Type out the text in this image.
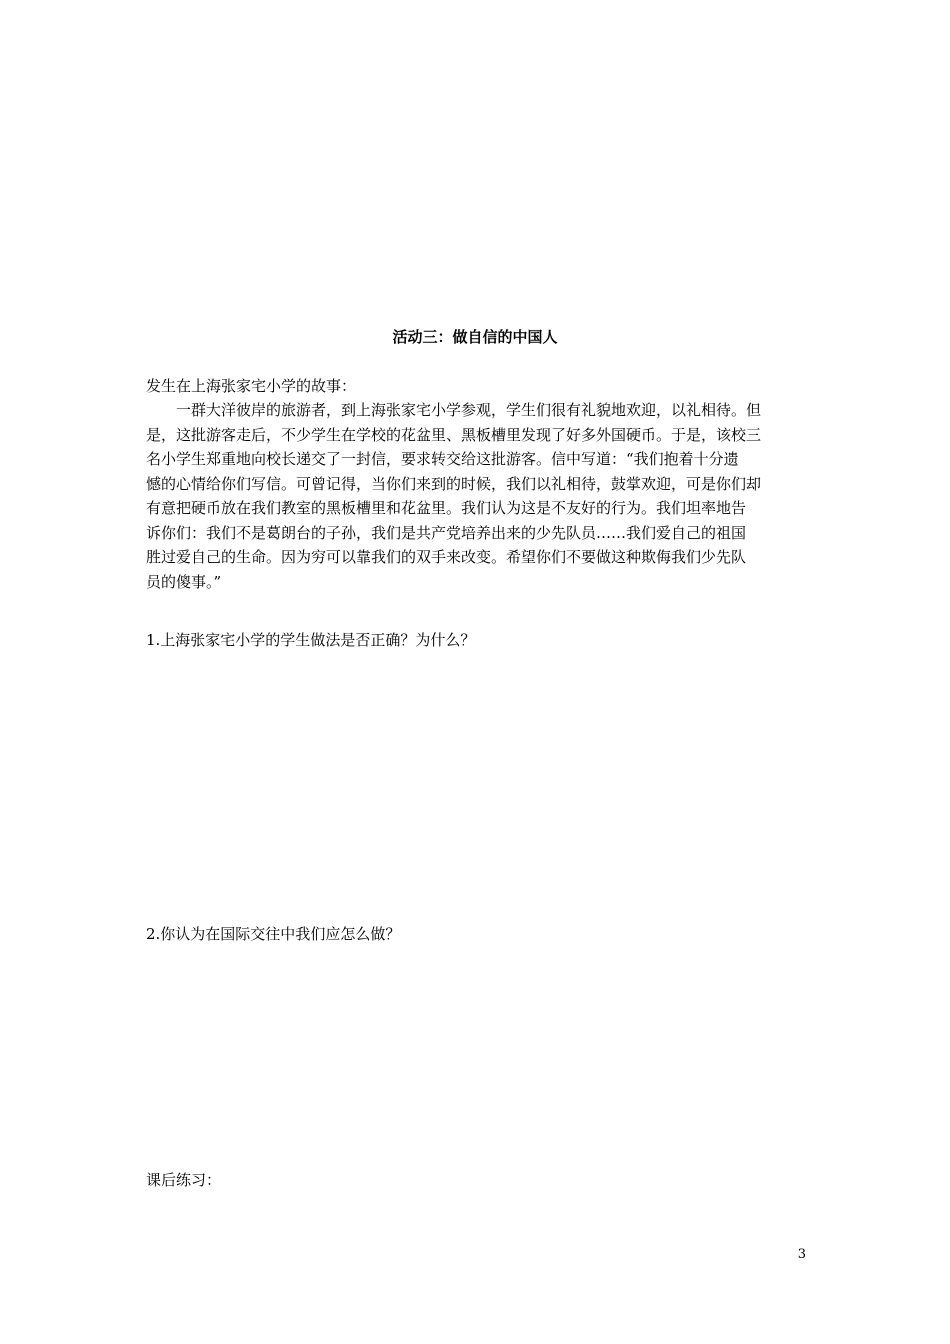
活动三：做自信的中国人
发生在上海张家宅小学的故事：
一群大洋彼岸的旅游者，到上海张家宅小学参观，学生们很有礼貌地欢迎，以礼相待。但
是，这批游客走后，不少学生在学校的花盆里、黑板槽里发现了好多外国硬币。于是，该校三
名小学生郑重地向校长递交了一封信，要求转交给这批游客。信中写道：“我们抱着十分遗
憾的心情给你们写信。可曾记得，当你们来到的时候，我们以礼相待，鼓掌欢迎，可是你们却
有意把硬币放在我们教室的黑板槽里和花盆里。我们认为这是不友好的行为。我们坦率地告
诉你们：我们不是葛朗台的子孙，我们是共产党培养出来的少先队员……我们爱自己的祖国
胜过爱自己的生命。因为穷可以靠我们的双手来改变。希望你们不要做这种欺侮我们少先队
员的傻事。”
1.上海张家宅小学的学生做法是否正确？为什么？
2.你认为在国际交往中我们应怎么做？
课后练习：
3
